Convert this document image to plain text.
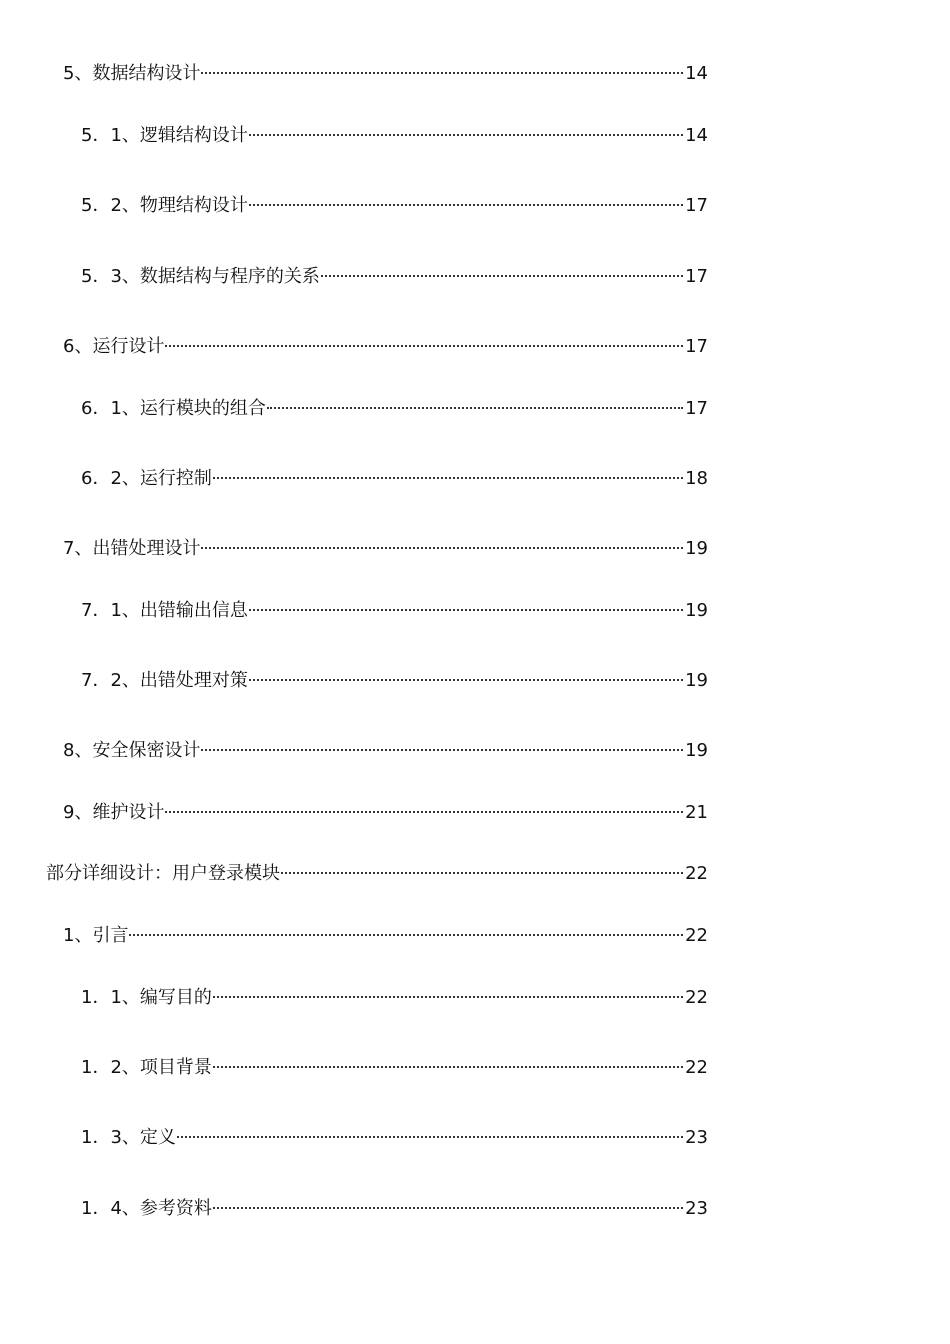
5、数据结构设计	14
5．1、逻辑结构设计	14
5．2、物理结构设计	17
5．3、数据结构与程序的关系	17
6、运行设计	17
6．1、运行模块的组合	17
6．2、运行控制	18
7、出错处理设计	19
7．1、出错输出信息	19
7．2、出错处理对策	19
8、安全保密设计	19
9、维护设计	21
部分详细设计：用户登录模块	22
1、引言	22
1．1、编写目的	22
1．2、项目背景	22
1．3、定义	23
1．4、参考资料	23
